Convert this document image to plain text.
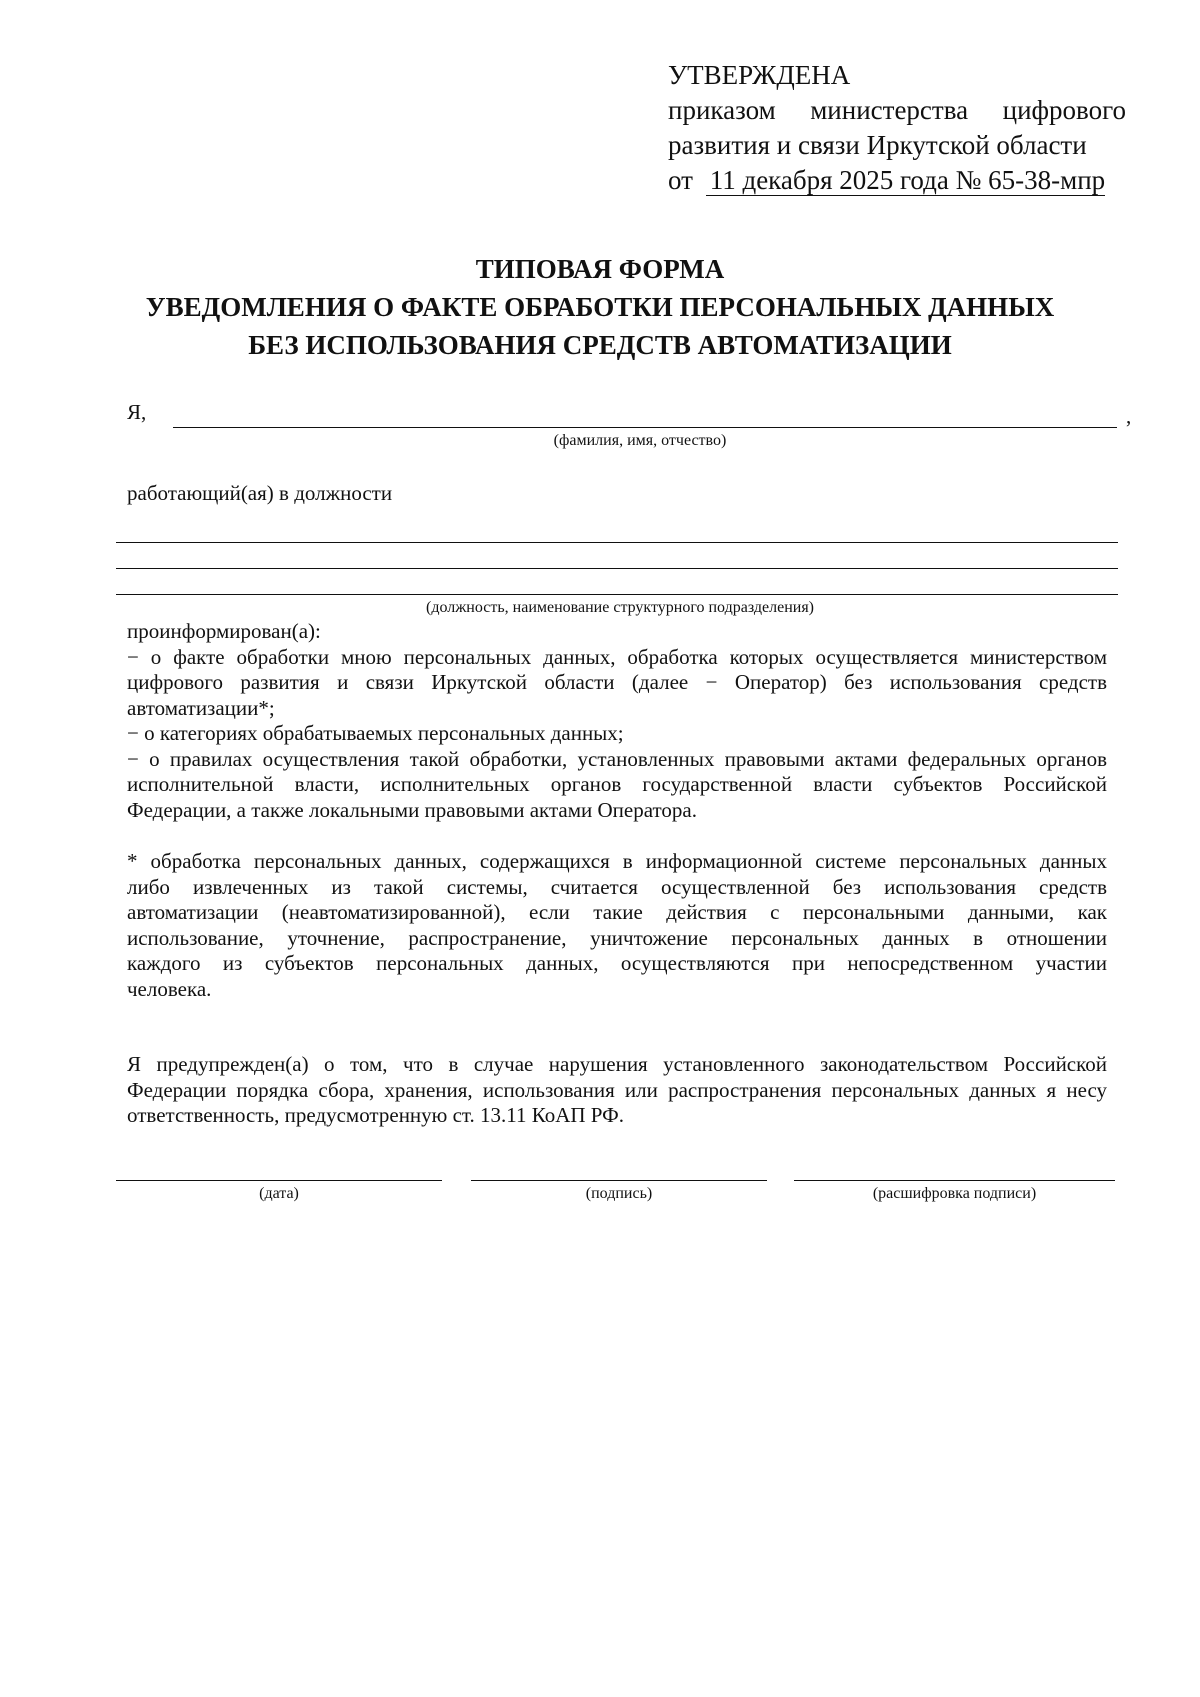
УТВЕРЖДЕНА
приказом министерства цифрового
развития и связи Иркутской области
от 11 декабря 2025 года № 65-38-мпр
ТИПОВАЯ ФОРМА
УВЕДОМЛЕНИЯ О ФАКТЕ ОБРАБОТКИ ПЕРСОНАЛЬНЫХ ДАННЫХ
БЕЗ ИСПОЛЬЗОВАНИЯ СРЕДСТВ АВТОМАТИЗАЦИИ
Я,	,
(фамилия, имя, отчество)
работающий(ая) в должности
(должность, наименование структурного подразделения)
проинформирован(а):
− о факте обработки мною персональных данных, обработка которых осуществляется министерством
цифрового развития и связи Иркутской области (далее − Оператор) без использования средств
автоматизации*;
− о категориях обрабатываемых персональных данных;
− о правилах осуществления такой обработки, установленных правовыми актами федеральных органов
исполнительной власти, исполнительных органов государственной власти субъектов Российской
Федерации, а также локальными правовыми актами Оператора.
* обработка персональных данных, содержащихся в информационной системе персональных данных
либо извлеченных из такой системы, считается осуществленной без использования средств
автоматизации (неавтоматизированной), если такие действия с персональными данными, как
использование, уточнение, распространение, уничтожение персональных данных в отношении
каждого из субъектов персональных данных, осуществляются при непосредственном участии
человека.
Я предупрежден(а) о том, что в случае нарушения установленного законодательством Российской
Федерации порядка сбора, хранения, использования или распространения персональных данных я несу
ответственность, предусмотренную ст. 13.11 КоАП РФ.
(дата)	(подпись)	(расшифровка подписи)
